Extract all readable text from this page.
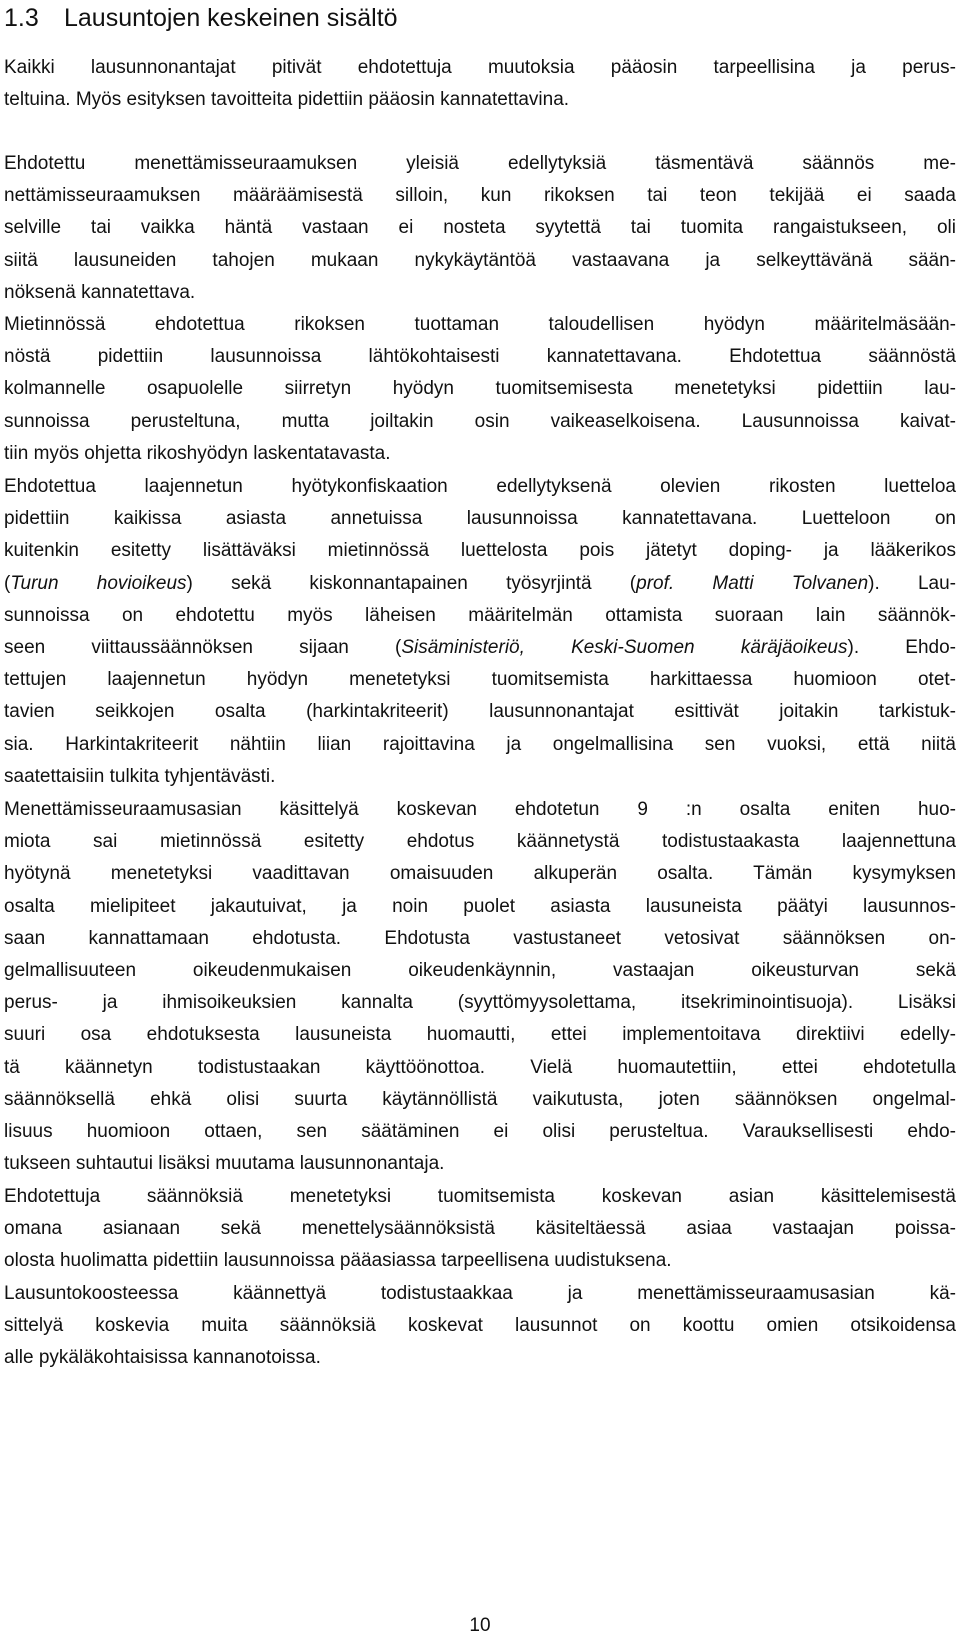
1.3 Lausuntojen keskeinen sisältö

Kaikki lausunnonantajat pitivät ehdotettuja muutoksia pääosin tarpeellisina ja perus-
teltuina. Myös esityksen tavoitteita pidettiin pääosin kannatettavina.

Ehdotettu menettämisseuraamuksen yleisiä edellytyksiä täsmentävä säännös me-
nettämisseuraamuksen määräämisestä silloin, kun rikoksen tai teon tekijää ei saada
selville tai vaikka häntä vastaan ei nosteta syytettä tai tuomita rangaistukseen, oli
siitä lausuneiden tahojen mukaan nykykäytäntöä vastaavana ja selkeyttävänä sään-
nöksenä kannatettava.

Mietinnössä ehdotettua rikoksen tuottaman taloudellisen hyödyn määritelmäsään-
nöstä pidettiin lausunnoissa lähtökohtaisesti kannatettavana. Ehdotettua säännöstä
kolmannelle osapuolelle siirretyn hyödyn tuomitsemisesta menetetyksi pidettiin lau-
sunnoissa perusteltuna, mutta joiltakin osin vaikeaselkoisena. Lausunnoissa kaivat-
tiin myös ohjetta rikoshyödyn laskentatavasta.

Ehdotettua laajennetun hyötykonfiskaation edellytyksenä olevien rikosten luetteloa
pidettiin kaikissa asiasta annetuissa lausunnoissa kannatettavana. Luetteloon on
kuitenkin esitetty lisättäväksi mietinnössä luettelosta pois jätetyt doping- ja lääkerikos
(Turun hovioikeus) sekä kiskonnantapainen työsyrjintä (prof. Matti Tolvanen). Lau-
sunnoissa on ehdotettu myös läheisen määritelmän ottamista suoraan lain säännök-
seen viittaussäännöksen sijaan (Sisäministeriö, Keski-Suomen käräjäoikeus). Ehdo-
tettujen laajennetun hyödyn menetetyksi tuomitsemista harkittaessa huomioon otet-
tavien seikkojen osalta (harkintakriteerit) lausunnonantajat esittivät joitakin tarkistuk-
sia. Harkintakriteerit nähtiin liian rajoittavina ja ongelmallisina sen vuoksi, että niitä
saatettaisiin tulkita tyhjentävästi.

Menettämisseuraamusasian käsittelyä koskevan ehdotetun 9 :n osalta eniten huo-
miota sai mietinnössä esitetty ehdotus käännetystä todistustaakasta laajennettuna
hyötynä menetetyksi vaadittavan omaisuuden alkuperän osalta. Tämän kysymyksen
osalta mielipiteet jakautuivat, ja noin puolet asiasta lausuneista päätyi lausunnos-
saan kannattamaan ehdotusta. Ehdotusta vastustaneet vetosivat säännöksen on-
gelmallisuuteen oikeudenmukaisen oikeudenkäynnin, vastaajan oikeusturvan sekä
perus- ja ihmisoikeuksien kannalta (syyttömyysolettama, itsekriminointisuoja). Lisäksi
suuri osa ehdotuksesta lausuneista huomautti, ettei implementoitava direktiivi edelly-
tä käännetyn todistustaakan käyttöönottoa. Vielä huomautettiin, ettei ehdotetulla
säännöksellä ehkä olisi suurta käytännöllistä vaikutusta, joten säännöksen ongelmal-
lisuus huomioon ottaen, sen säätäminen ei olisi perusteltua. Varauksellisesti ehdo-
tukseen suhtautui lisäksi muutama lausunnonantaja.

Ehdotettuja säännöksiä menetetyksi tuomitsemista koskevan asian käsittelemisestä
omana asianaan sekä menettelysäännöksistä käsiteltäessä asiaa vastaajan poissa-
olosta huolimatta pidettiin lausunnoissa pääasiassa tarpeellisena uudistuksena.

Lausuntokoosteessa käännettyä todistustaakkaa ja menettämisseuraamusasian kä-
sittelyä koskevia muita säännöksiä koskevat lausunnot on koottu omien otsikoidensa
alle pykäläkohtaisissa kannanotoissa.

10
